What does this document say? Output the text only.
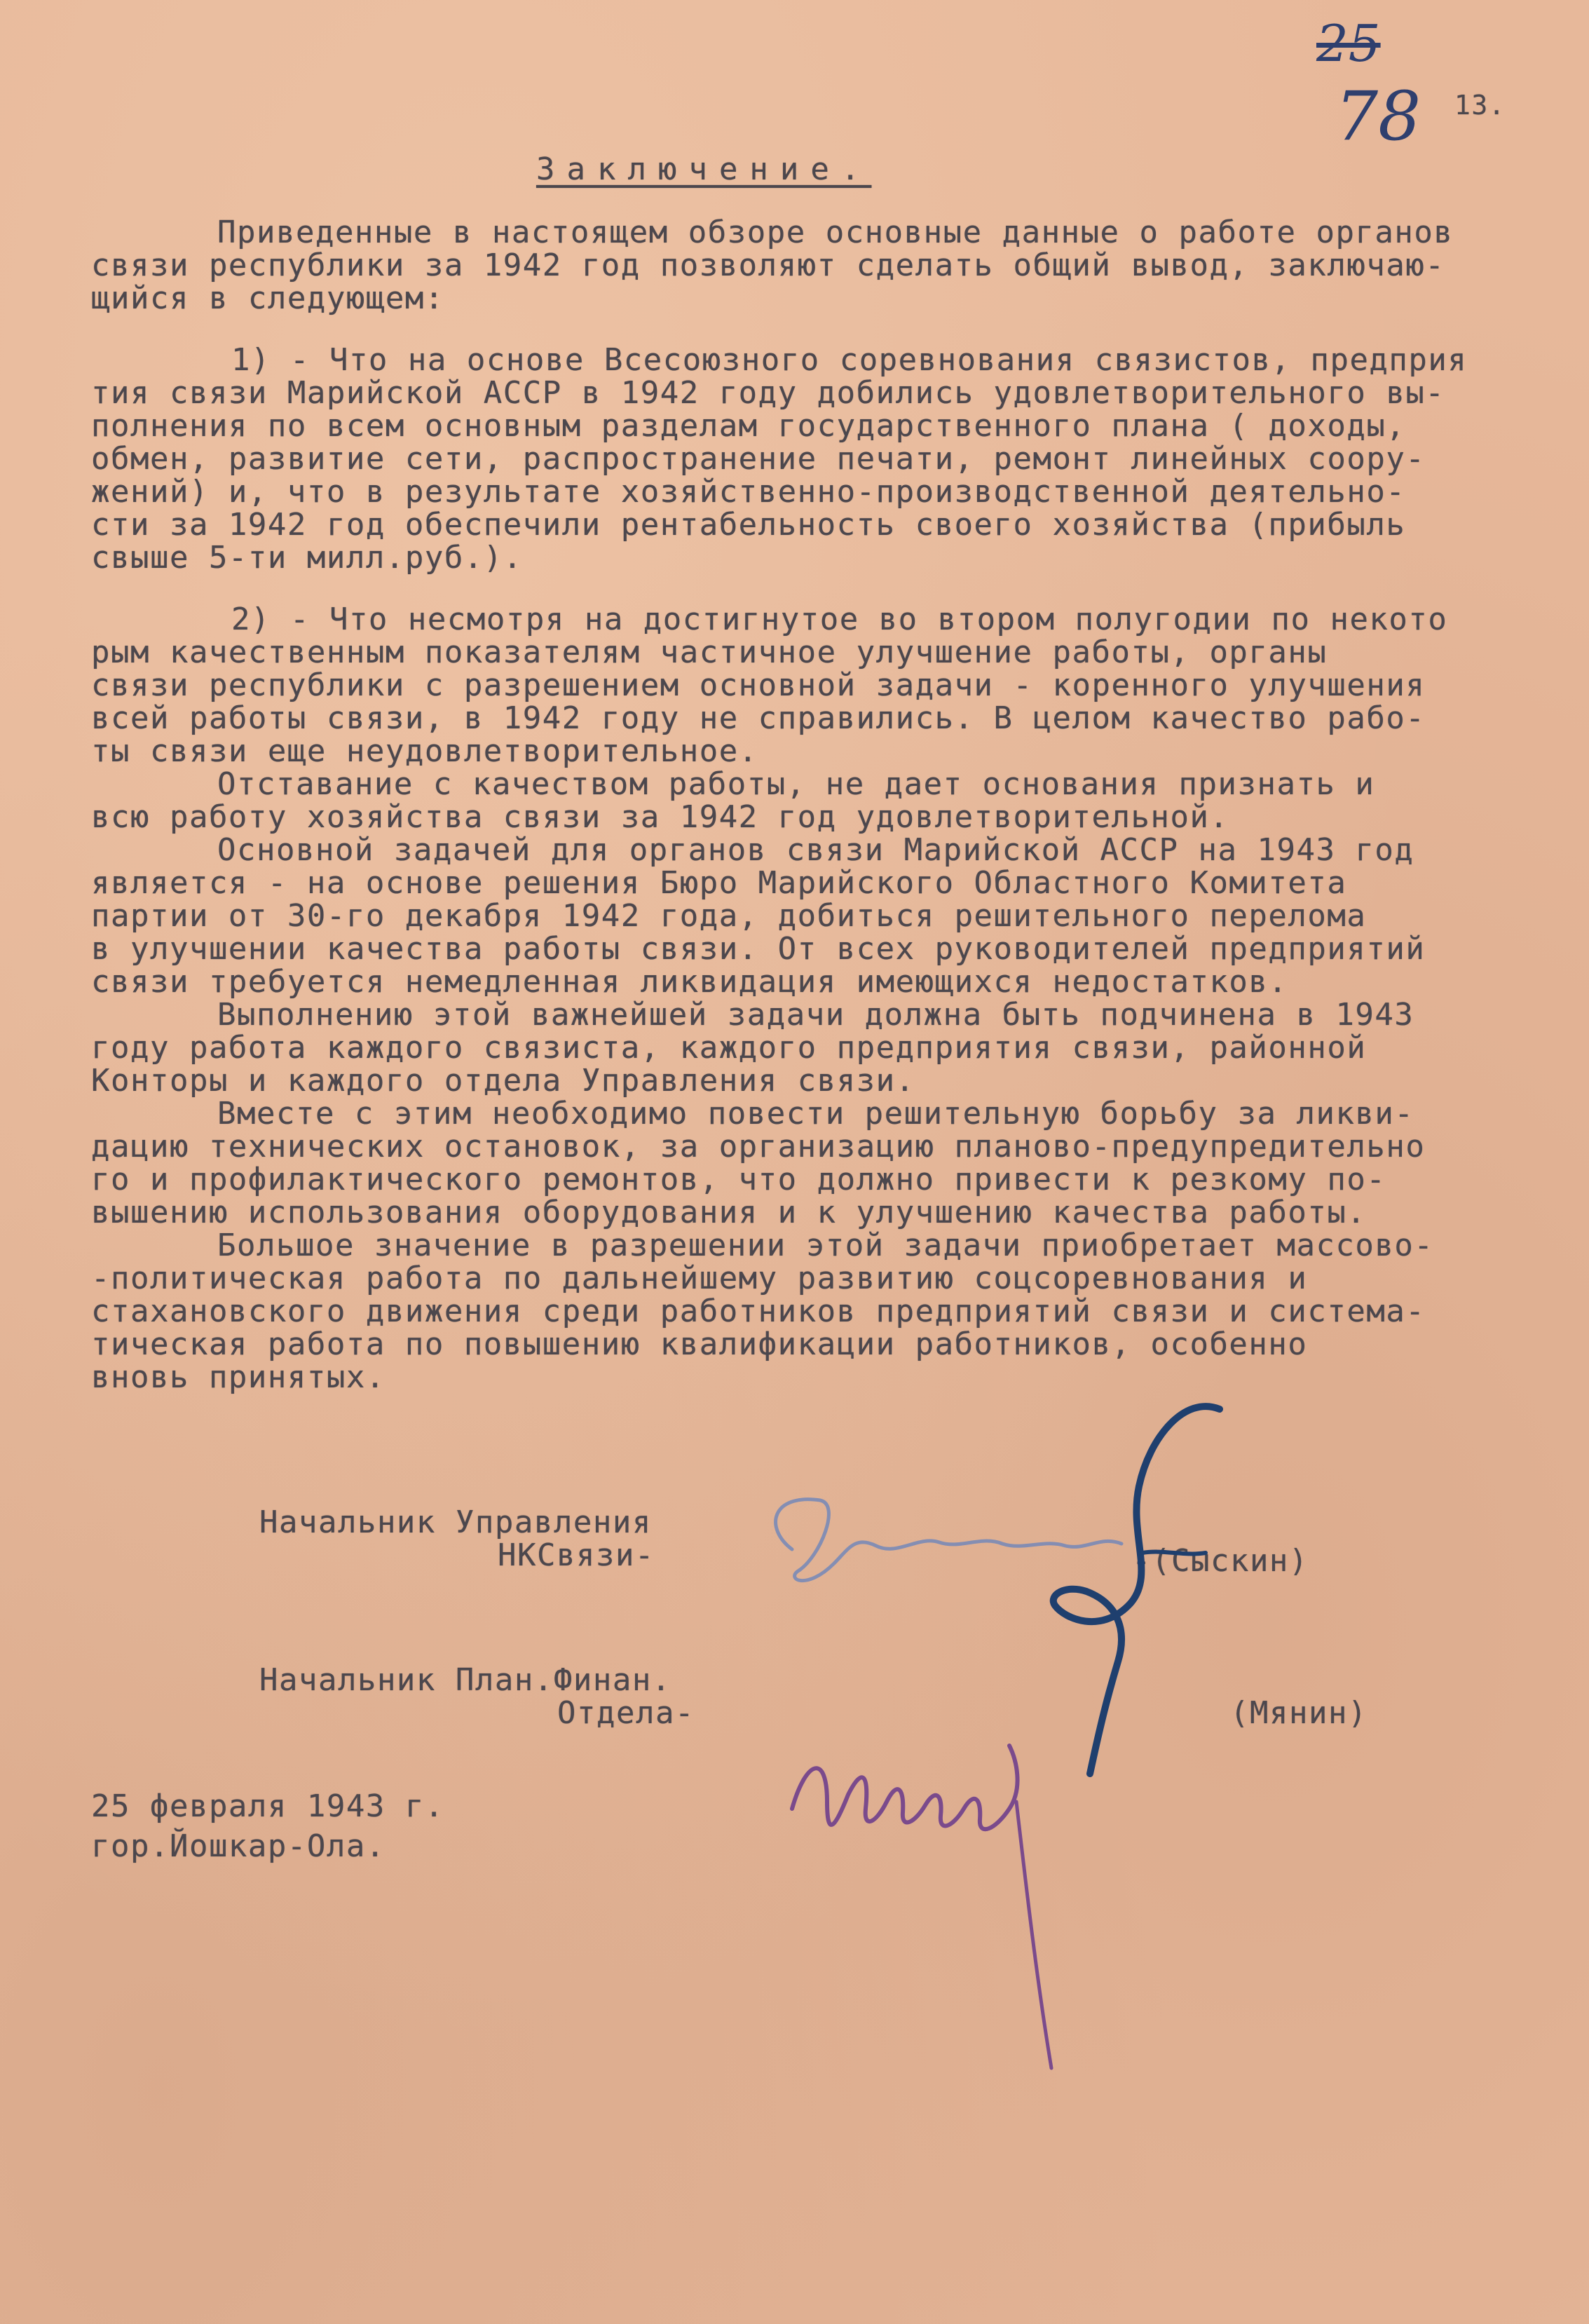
25
78 13.
Заключение.
Приведенные в настоящем обзоре основные данные о работе органов
связи республики за 1942 год позволяют сделать общий вывод, заключаю-
щийся в следующем:
1) - Что на основе Всесоюзного соревнования связистов, предприя
тия связи Марийской АССР в 1942 году добились удовлетворительного вы-
полнения по всем основным разделам государственного плана ( доходы,
обмен, развитие сети, распространение печати, ремонт линейных соору-
жений) и, что в результате хозяйственно-производственной деятельно-
сти за 1942 год обеспечили рентабельность своего хозяйства (прибыль
свыше 5-ти милл.руб.).
2) - Что несмотря на достигнутое во втором полугодии по некото
рым качественным показателям частичное улучшение работы, органы
связи республики с разрешением основной задачи - коренного улучшения
всей работы связи, в 1942 году не справились. В целом качество рабо-
ты связи еще неудовлетворительное.
Отставание с качеством работы, не дает основания признать и
всю работу хозяйства связи за 1942 год удовлетворительной.
Основной задачей для органов связи Марийской АССР на 1943 год
является - на основе решения Бюро Марийского Областного Комитета
партии от 30-го декабря 1942 года, добиться решительного перелома
в улучшении качества работы связи. От всех руководителей предприятий
связи требуется немедленная ликвидация имеющихся недостатков.
Выполнению этой важнейшей задачи должна быть подчинена в 1943
году работа каждого связиста, каждого предприятия связи, районной
Конторы и каждого отдела Управления связи.
Вместе с этим необходимо повести решительную борьбу за ликви-
дацию технических остановок, за организацию планово-предупредительно
го и профилактического ремонтов, что должно привести к резкому по-
вышению использования оборудования и к улучшению качества работы.
Большое значение в разрешении этой задачи приобретает массово-
-политическая работа по дальнейшему развитию соцсоревнования и
стахановского движения среди работников предприятий связи и система-
тическая работа по повышению квалификации работников, особенно
вновь принятых.
Начальник Управления
НКСвязи-	-(Сыскин)
Начальник План.Финан.
Отдела-	(Мянин)
25 февраля 1943 г.
гор.Йошкар-Ола.
